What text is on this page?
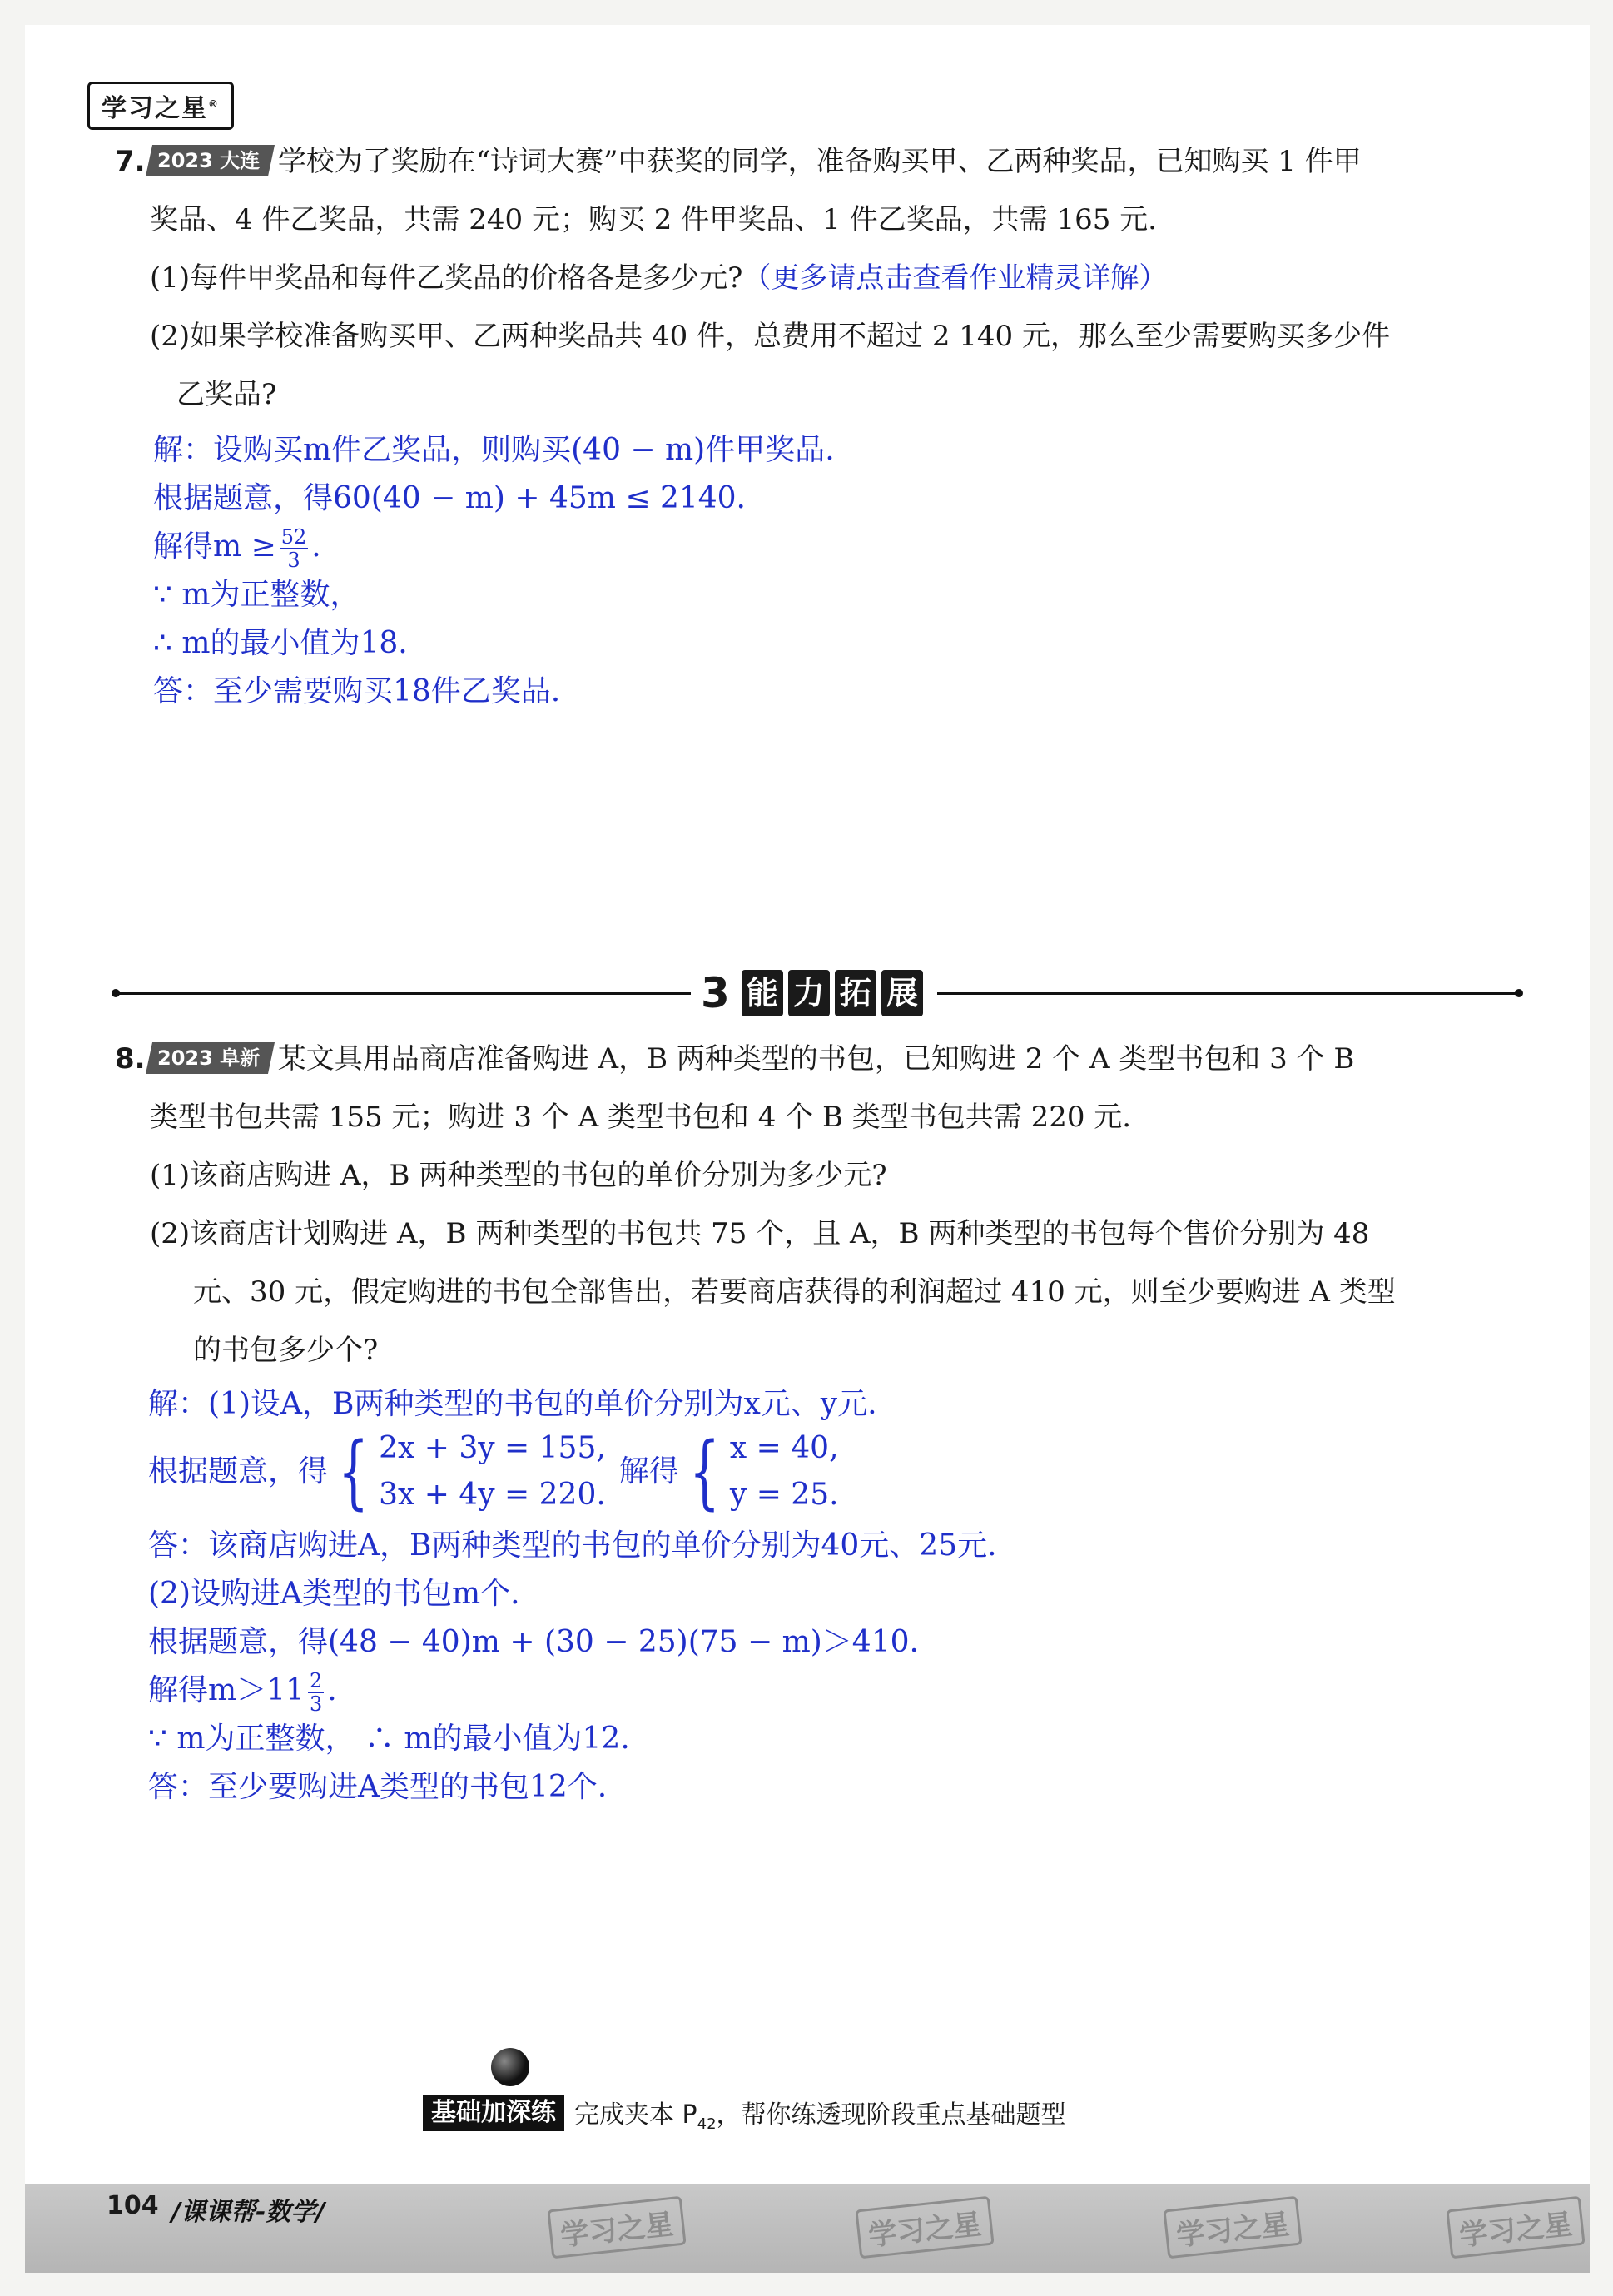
学习之星®
7. 2023 大连 学校为了奖励在“诗词大赛”中获奖的同学，准备购买甲、乙两种奖品，已知购买 1 件甲
奖品、4 件乙奖品，共需 240 元；购买 2 件甲奖品、1 件乙奖品，共需 165 元.
(1)每件甲奖品和每件乙奖品的价格各是多少元?（更多请点击查看作业精灵详解）
(2)如果学校准备购买甲、乙两种奖品共 40 件，总费用不超过 2 140 元，那么至少需要购买多少件
乙奖品?
解：设购买m件乙奖品，则购买(40 − m)件甲奖品.
根据题意，得60(40 − m) + 45m ≤ 2140.
解得$m \ge \frac{52}{3}$ .
∵ m为正整数，
∴ m的最小值为18.
答：至少需要购买18件乙奖品.
3 能 力 拓 展
8. 2023 阜新 某文具用品商店准备购进 A，B 两种类型的书包，已知购进 2 个 A 类型书包和 3 个 B
类型书包共需 155 元；购进 3 个 A 类型书包和 4 个 B 类型书包共需 220 元.
(1)该商店购进 A，B 两种类型的书包的单价分别为多少元?
(2)该商店计划购进 A，B 两种类型的书包共 75 个，且 A，B 两种类型的书包每个售价分别为 48
元、30 元，假定购进的书包全部售出，若要商店获得的利润超过 410 元，则至少要购进 A 类型
的书包多少个?
解：(1)设A，B两种类型的书包的单价分别为x元、y元.
根据题意，得 { 2x + 3y = 155,
3x + 4y = 220.
解得 { x = 40,
y = 25.
答：该商店购进A，B两种类型的书包的单价分别为40元、25元.
(2)设购进A类型的书包m个.
根据题意，得(48 − 40)m + (30 − 25)(75 − m)＞410.
解得$m>11 \frac{2}{3}$ .
∵ m为正整数， ∴ m的最小值为12.
答：至少要购进A类型的书包12个.
基础加深练 完成夹本 $P_{42}$，帮你练透现阶段重点基础题型
104 /课课帮-数学/	学习之星	学习之星	学习之星	学习之星
